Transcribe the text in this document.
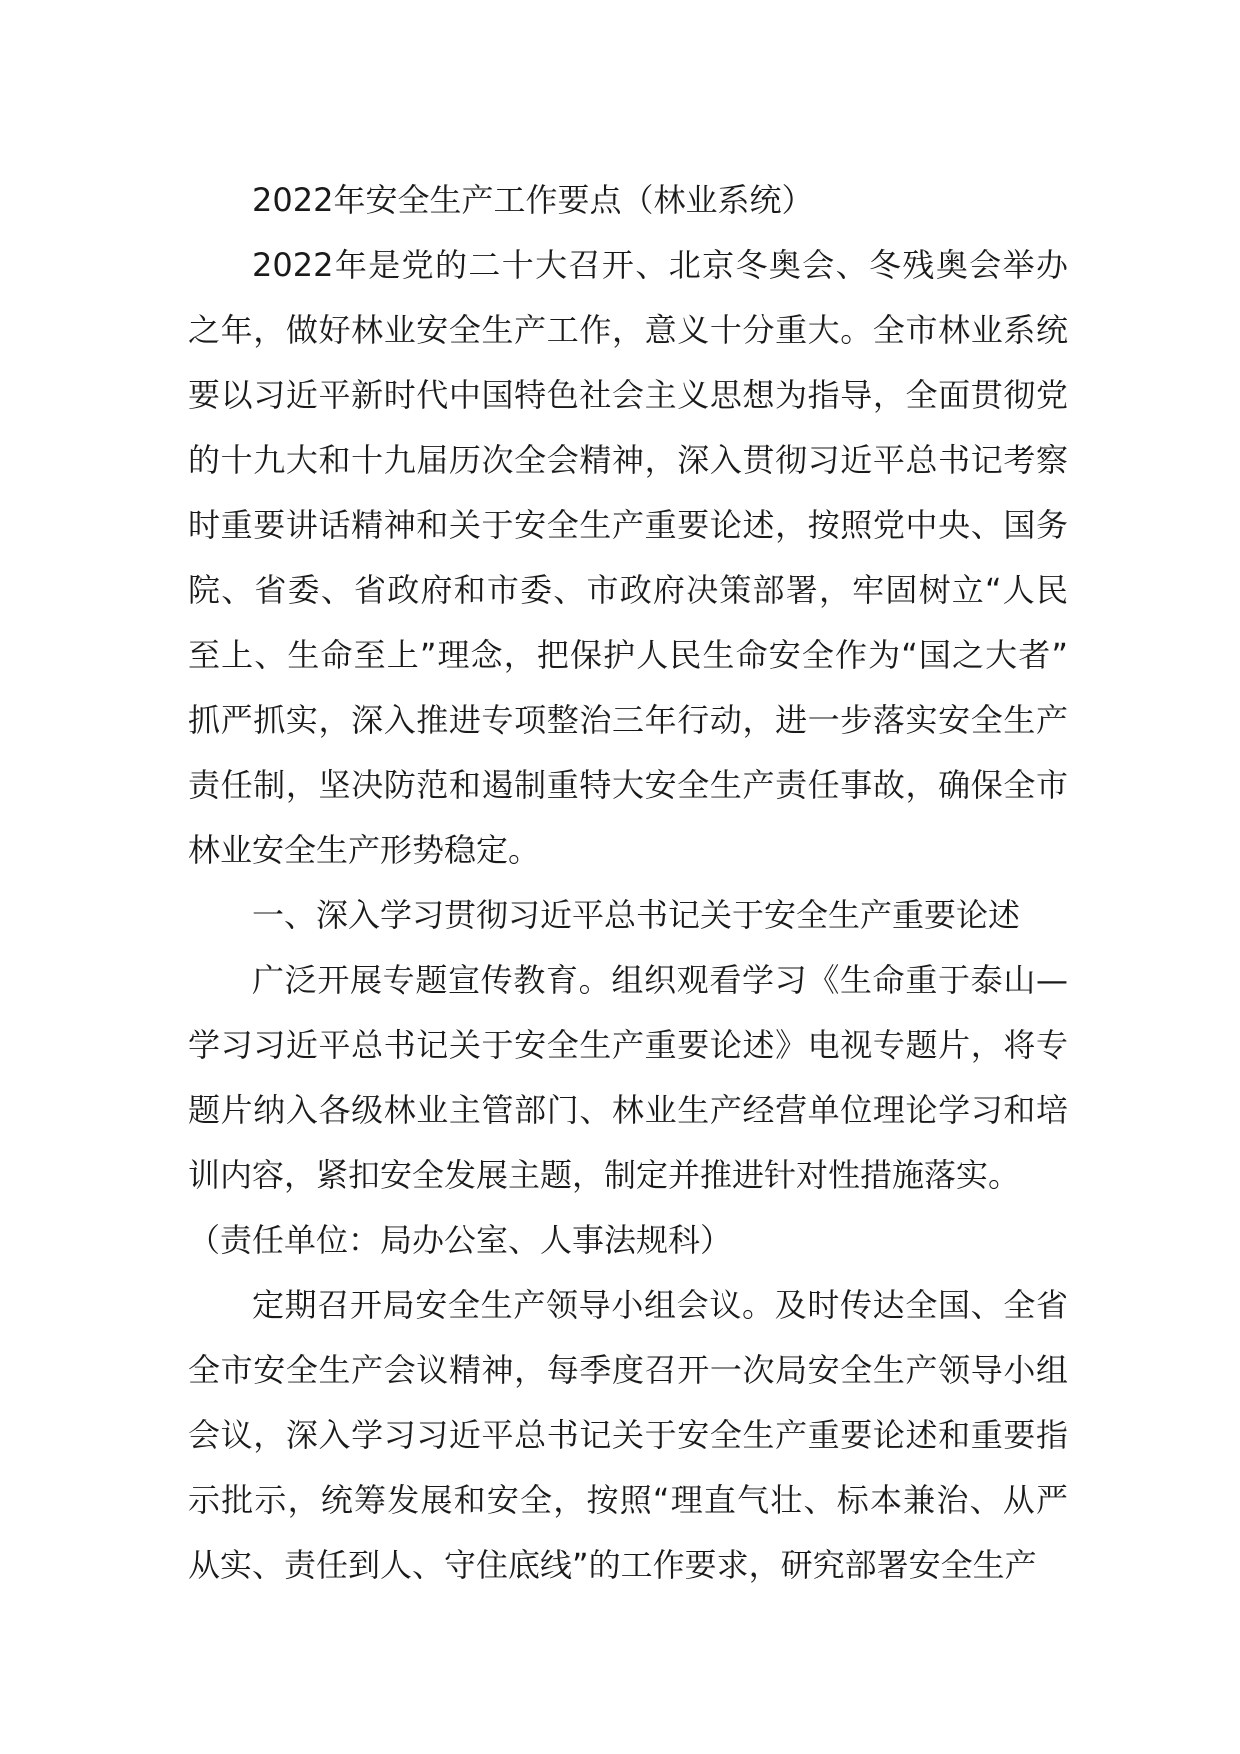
2022年安全生产工作要点（林业系统）

2022年是党的二十大召开、北京冬奥会、冬残奥会举办之年，做好林业安全生产工作，意义十分重大。全市林业系统要以习近平新时代中国特色社会主义思想为指导，全面贯彻党的十九大和十九届历次全会精神，深入贯彻习近平总书记考察时重要讲话精神和关于安全生产重要论述，按照党中央、国务院、省委、省政府和市委、市政府决策部署，牢固树立“人民至上、生命至上”理念，把保护人民生命安全作为“国之大者”抓严抓实，深入推进专项整治三年行动，进一步落实安全生产责任制，坚决防范和遏制重特大安全生产责任事故，确保全市林业安全生产形势稳定。

一、深入学习贯彻习近平总书记关于安全生产重要论述

广泛开展专题宣传教育。组织观看学习《生命重于泰山—学习习近平总书记关于安全生产重要论述》电视专题片，将专题片纳入各级林业主管部门、林业生产经营单位理论学习和培训内容，紧扣安全发展主题，制定并推进针对性措施落实。

（责任单位：局办公室、人事法规科）

定期召开局安全生产领导小组会议。及时传达全国、全省全市安全生产会议精神，每季度召开一次局安全生产领导小组会议，深入学习习近平总书记关于安全生产重要论述和重要指示批示，统筹发展和安全，按照“理直气壮、标本兼治、从严从实、责任到人、守住底线”的工作要求，研究部署安全生产
